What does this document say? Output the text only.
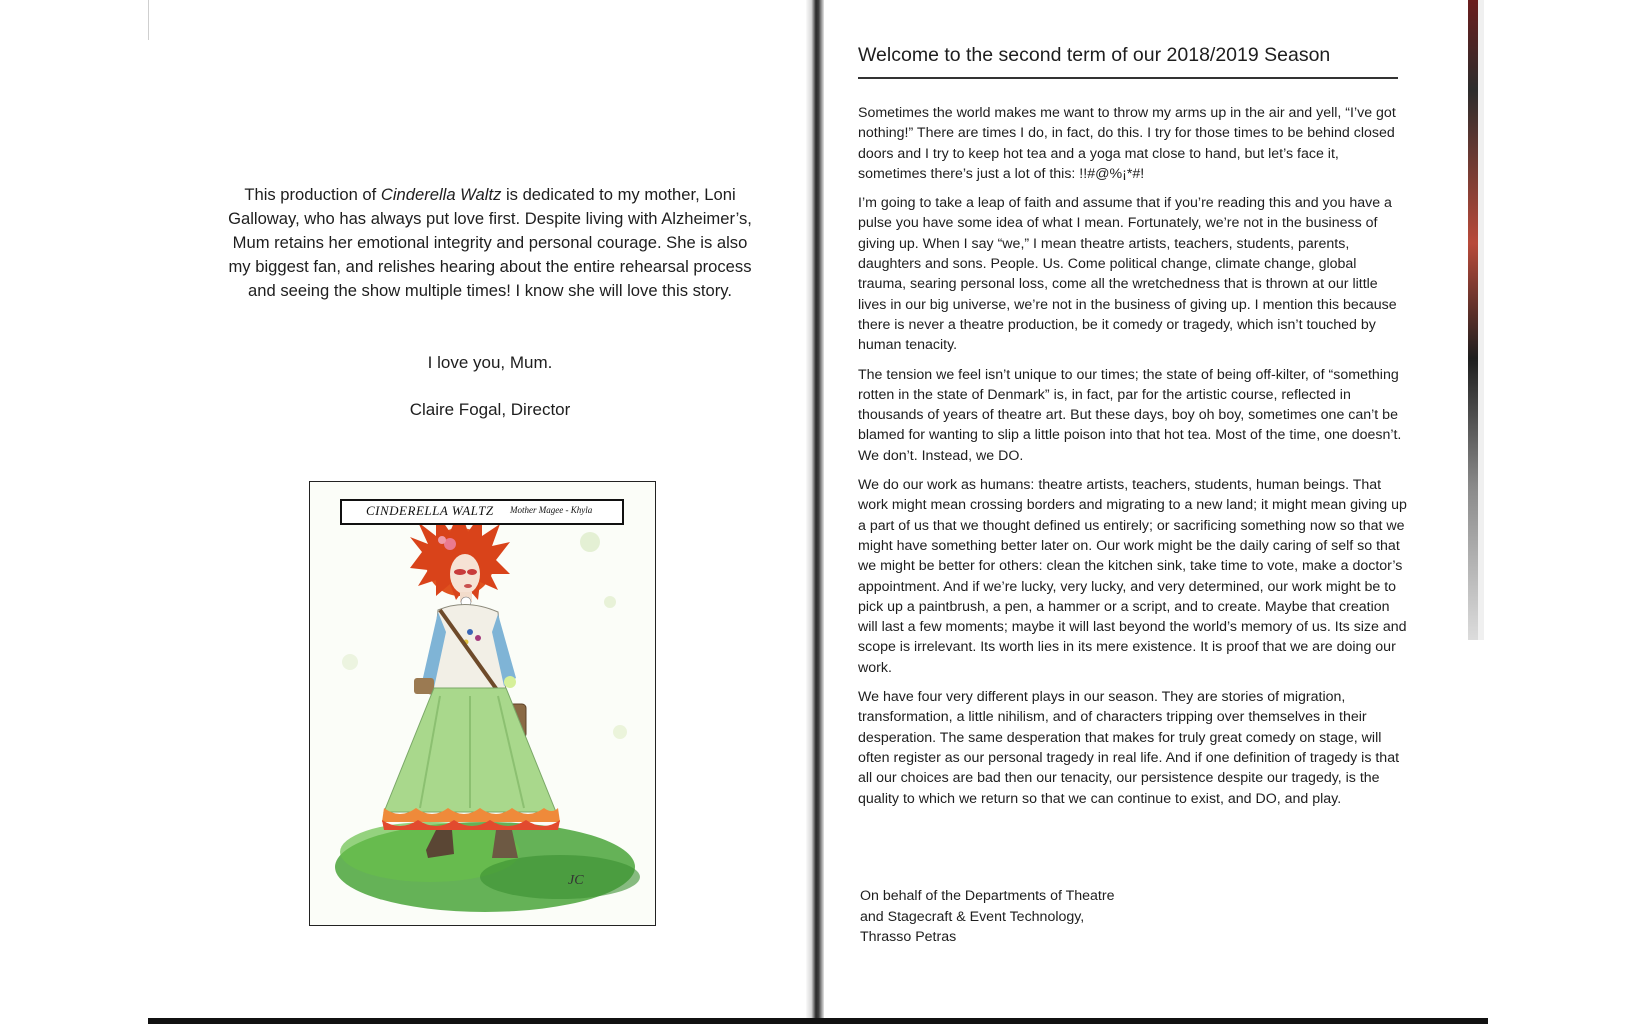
This production of Cinderella Waltz is dedicated to my mother, Loni Galloway, who has always put love first. Despite living with Alzheimer’s, Mum retains her emotional integrity and personal courage. She is also my biggest fan, and relishes hearing about the entire rehearsal process and seeing the show multiple times! I know she will love this story.

I love you, Mum.
Claire Fogal, Director
JC
CINDERELLA WALTZ Mother Magee - Khyla
Welcome to the second term of our 2018/2019 Season

Sometimes the world makes me want to throw my arms up in the air and yell, “I’ve got nothing!” There are times I do, in fact, do this. I try for those times to be behind closed doors and I try to keep hot tea and a yoga mat close to hand, but let’s face it, sometimes there’s just a lot of this: !!#@%¡*#!

I’m going to take a leap of faith and assume that if you’re reading this and you have a pulse you have some idea of what I mean. Fortunately, we’re not in the business of giving up. When I say “we,” I mean theatre artists, teachers, students, parents, daughters and sons. People. Us. Come political change, climate change, global trauma, searing personal loss, come all the wretchedness that is thrown at our little lives in our big universe, we’re not in the business of giving up. I mention this because there is never a theatre production, be it comedy or tragedy, which isn’t touched by human tenacity.

The tension we feel isn’t unique to our times; the state of being off-kilter, of “something rotten in the state of Denmark” is, in fact, par for the artistic course, reflected in thousands of years of theatre art. But these days, boy oh boy, sometimes one can’t be blamed for wanting to slip a little poison into that hot tea. Most of the time, one doesn’t. We don’t. Instead, we DO.

We do our work as humans: theatre artists, teachers, students, human beings. That work might mean crossing borders and migrating to a new land; it might mean giving up a part of us that we thought defined us entirely; or sacrificing something now so that we might have something better later on. Our work might be the daily caring of self so that we might be better for others: clean the kitchen sink, take time to vote, make a doctor’s appointment. And if we’re lucky, very lucky, and very determined, our work might be to pick up a paintbrush, a pen, a hammer or a script, and to create. Maybe that creation will last a few moments; maybe it will last beyond the world’s memory of us. Its size and scope is irrelevant. Its worth lies in its mere existence. It is proof that we are doing our work.

We have four very different plays in our season. They are stories of migration, transformation, a little nihilism, and of characters tripping over themselves in their desperation. The same desperation that makes for truly great comedy on stage, will often register as our personal tragedy in real life. And if one definition of tragedy is that all our choices are bad then our tenacity, our persistence despite our tragedy, is the quality to which we return so that we can continue to exist, and DO, and play.

On behalf of the Departments of Theatre
and Stagecraft & Event Technology,
Thrasso Petras
